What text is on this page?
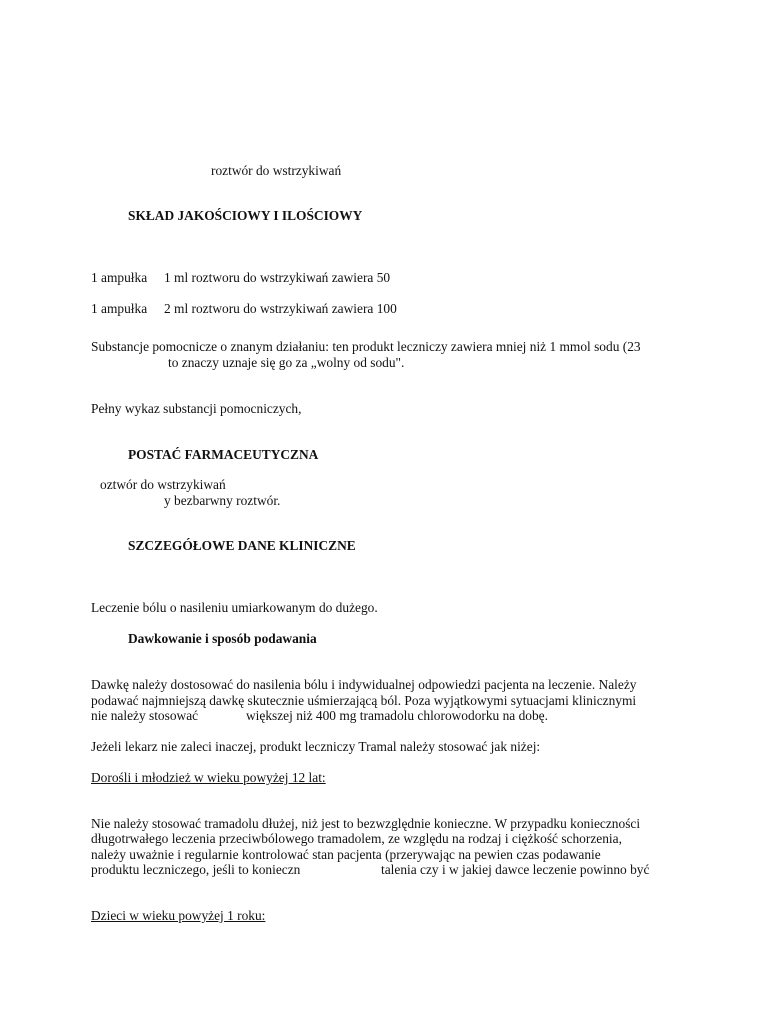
roztwór do wstrzykiwań
SKŁAD JAKOŚCIOWY I ILOŚCIOWY
1 ampułka 1 ml roztworu do wstrzykiwań zawiera 50
1 ampułka 2 ml roztworu do wstrzykiwań zawiera 100
Substancje pomocnicze o znanym działaniu: ten produkt leczniczy zawiera mniej niż 1 mmol sodu (23
to znaczy uznaje się go za „wolny od sodu".
Pełny wykaz substancji pomocniczych,
POSTAĆ FARMACEUTYCZNA
oztwór do wstrzykiwań
y bezbarwny roztwór.
SZCZEGÓŁOWE DANE KLINICZNE
Leczenie bólu o nasileniu umiarkowanym do dużego.
Dawkowanie i sposób podawania
Dawkę należy dostosować do nasilenia bólu i indywidualnej odpowiedzi pacjenta na leczenie. Należy
podawać najmniejszą dawkę skutecznie uśmierzającą ból. Poza wyjątkowymi sytuacjami klinicznymi
nie należy stosować	większej niż 400 mg tramadolu chlorowodorku na dobę.
Jeżeli lekarz nie zaleci inaczej, produkt leczniczy Tramal należy stosować jak niżej:
Dorośli i młodzież w wieku powyżej 12 lat:
Nie należy stosować tramadolu dłużej, niż jest to bezwzględnie konieczne. W przypadku konieczności
długotrwałego leczenia przeciwbólowego tramadolem, ze względu na rodzaj i ciężkość schorzenia,
należy uważnie i regularnie kontrolować stan pacjenta (przerywając na pewien czas podawanie
produktu leczniczego, jeśli to konieczn	talenia czy i w jakiej dawce leczenie powinno być
Dzieci w wieku powyżej 1 roku:
